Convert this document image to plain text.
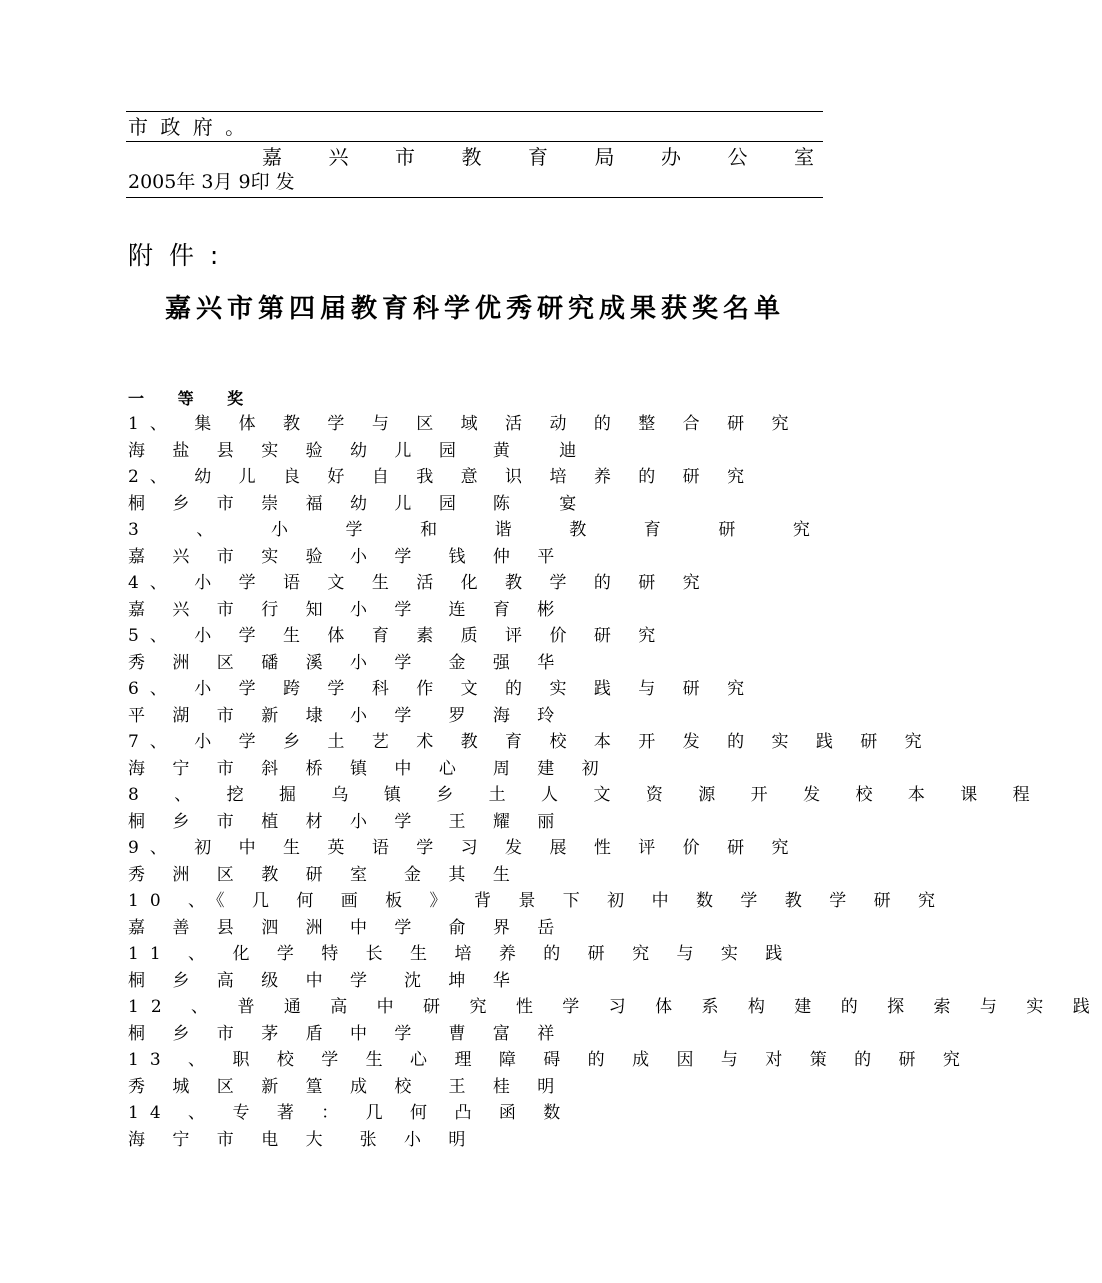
市 政 府 。
嘉 兴 市 教 育 局 办 公 室
2005年 3月 9印 发
附 件 :
嘉兴市第四届教育科学优秀研究成果获奖名单
一 等 奖
1、 集 体 教 学 与 区 域 活 动 的 整 合 研 究
海 盐 县 实 验 幼 儿 园 黄 迪
2、 幼 儿 良 好 自 我 意 识 培 养 的 研 究
桐 乡 市 崇 福 幼 儿 园 陈 宴
3	、	小	学	和	谐	教	育	研	究
嘉 兴 市 实 验 小 学 钱 仲 平
4、 小 学 语 文 生 活 化 教 学 的 研 究
嘉 兴 市 行 知 小 学 连 育 彬
5、 小 学 生 体 育 素 质 评 价 研 究
秀 洲 区 磻 溪 小 学 金 强 华
6、 小 学 跨 学 科 作 文 的 实 践 与 研 究
平 湖 市 新 埭 小 学 罗 海 玲
7、 小 学 乡 土 艺 术 教 育 校 本 开 发 的 实 践 研 究
海 宁 市 斜 桥 镇 中 心 周 建 初
8 、 挖 掘 乌 镇 乡 土 人 文 资 源 开 发 校 本 课 程
桐 乡 市 植 材 小 学 王 耀 丽
9、 初 中 生 英 语 学 习 发 展 性 评 价 研 究
秀 洲 区 教 研 室 金 其 生
10 、《 几 何 画 板 》 背 景 下 初 中 数 学 教 学 研 究
嘉 善 县 泗 洲 中 学 俞 界 岳
11 、 化 学 特 长 生 培 养 的 研 究 与 实 践
桐 乡 高 级 中 学 沈 坤 华
12 、 普 通 高 中 研 究 性 学 习 体 系 构 建 的 探 索 与 实 践
桐 乡 市 茅 盾 中 学 曹 富 祥
13 、 职 校 学 生 心 理 障 碍 的 成 因 与 对 策 的 研 究
秀 城 区 新 篁 成 校 王 桂 明
14 、 专 著 ： 几 何 凸 函 数
海 宁 市 电 大 张 小 明
